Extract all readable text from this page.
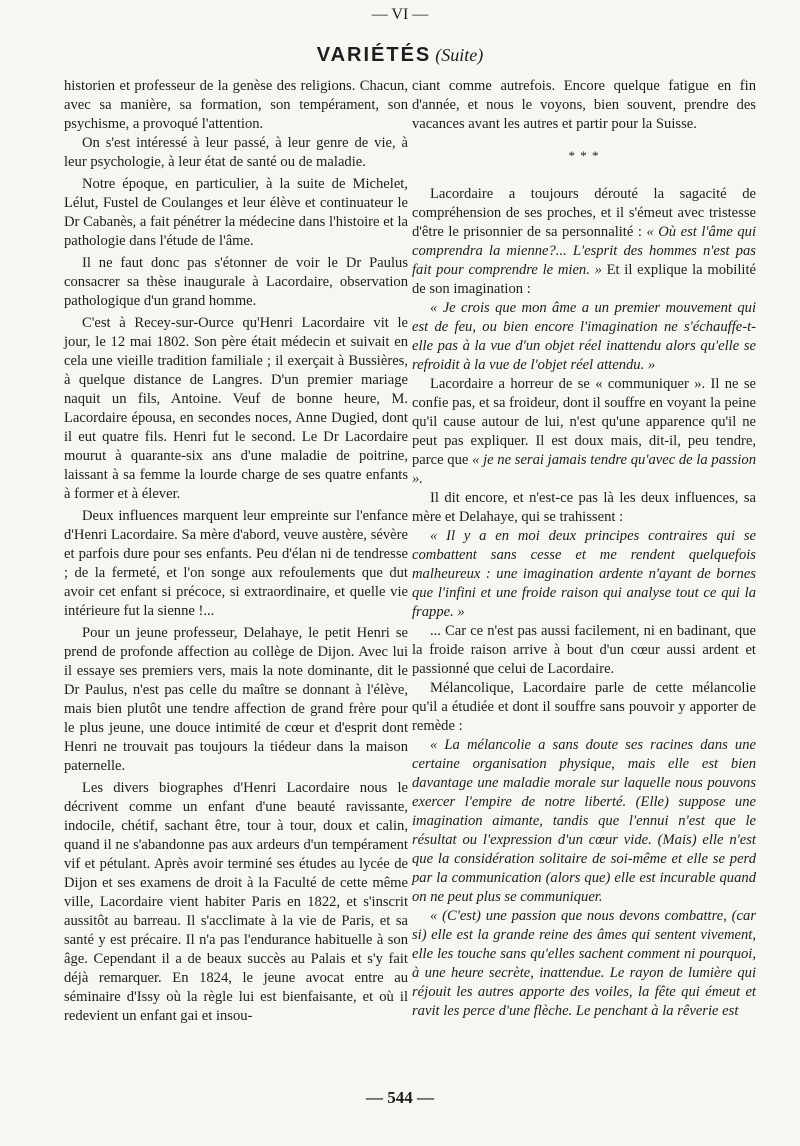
— VI —
VARIÉTÉS (Suite)

historien et professeur de la genèse des religions. Chacun, avec sa manière, sa formation, son tempérament, son psychisme, a provoqué l'attention.

On s'est intéressé à leur passé, à leur genre de vie, à leur psychologie, à leur état de santé ou de maladie.

Notre époque, en particulier, à la suite de Michelet, Lélut, Fustel de Coulanges et leur élève et continuateur le Dr Cabanès, a fait pénétrer la médecine dans l'histoire et la pathologie dans l'étude de l'âme.

Il ne faut donc pas s'étonner de voir le Dr Paulus consacrer sa thèse inaugurale à Lacordaire, observation pathologique d'un grand homme.

C'est à Recey-sur-Ource qu'Henri Lacordaire vit le jour, le 12 mai 1802. Son père était médecin et suivait en cela une vieille tradition familiale ; il exerçait à Bussières, à quelque distance de Langres. D'un premier mariage naquit un fils, Antoine. Veuf de bonne heure, M. Lacordaire épousa, en secondes noces, Anne Dugied, dont il eut quatre fils. Henri fut le second. Le Dr Lacordaire mourut à quarante-six ans d'une maladie de poitrine, laissant à sa femme la lourde charge de ses quatre enfants à former et à élever.

Deux influences marquent leur empreinte sur l'enfance d'Henri Lacordaire. Sa mère d'abord, veuve austère, sévère et parfois dure pour ses enfants. Peu d'élan ni de tendresse ; de la fermeté, et l'on songe aux refoulements que dut avoir cet enfant si précoce, si extraordinaire, et quelle vie intérieure fut la sienne !...

Pour un jeune professeur, Delahaye, le petit Henri se prend de profonde affection au collège de Dijon. Avec lui il essaye ses premiers vers, mais la note dominante, dit le Dr Paulus, n'est pas celle du maître se donnant à l'élève, mais bien plutôt une tendre affection de grand frère pour le plus jeune, une douce intimité de cœur et d'esprit dont Henri ne trouvait pas toujours la tiédeur dans la maison paternelle.

Les divers biographes d'Henri Lacordaire nous le décrivent comme un enfant d'une beauté ravissante, indocile, chétif, sachant être, tour à tour, doux et calin, quand il ne s'abandonne pas aux ardeurs d'un tempérament vif et pétulant. Après avoir terminé ses études au lycée de Dijon et ses examens de droit à la Faculté de cette même ville, Lacordaire vient habiter Paris en 1822, et s'inscrit aussitôt au barreau. Il s'acclimate à la vie de Paris, et sa santé y est précaire. Il n'a pas l'endurance habituelle à son âge. Cependant il a de beaux succès au Palais et s'y fait déjà remarquer. En 1824, le jeune avocat entre au séminaire d'Issy où la règle lui est bienfaisante, et où il redevient un enfant gai et insou-

ciant comme autrefois. Encore quelque fatigue en fin d'année, et nous le voyons, bien souvent, prendre des vacances avant les autres et partir pour la Suisse.

* * *

Lacordaire a toujours dérouté la sagacité de compréhension de ses proches, et il s'émeut avec tristesse d'être le prisonnier de sa personnalité : « Où est l'âme qui comprendra la mienne?... L'esprit des hommes n'est pas fait pour comprendre le mien. » Et il explique la mobilité de son imagination :

« Je crois que mon âme a un premier mouvement qui est de feu, ou bien encore l'imagination ne s'échauffe-t-elle pas à la vue d'un objet réel inattendu alors qu'elle se refroidit à la vue de l'objet réel attendu. »

Lacordaire a horreur de se « communiquer ». Il ne se confie pas, et sa froideur, dont il souffre en voyant la peine qu'il cause autour de lui, n'est qu'une apparence qu'il ne peut pas expliquer. Il est doux mais, dit-il, peu tendre, parce que « je ne serai jamais tendre qu'avec de la passion ».

Il dit encore, et n'est-ce pas là les deux influences, sa mère et Delahaye, qui se trahissent :

« Il y a en moi deux principes contraires qui se combattent sans cesse et me rendent quelquefois malheureux : une imagination ardente n'ayant de bornes que l'infini et une froide raison qui analyse tout ce qui la frappe. »

... Car ce n'est pas aussi facilement, ni en badinant, que la froide raison arrive à bout d'un cœur aussi ardent et passionné que celui de Lacordaire.

Mélancolique, Lacordaire parle de cette mélancolie qu'il a étudiée et dont il souffre sans pouvoir y apporter de remède :

« La mélancolie a sans doute ses racines dans une certaine organisation physique, mais elle est bien davantage une maladie morale sur laquelle nous pouvons exercer l'empire de notre liberté. (Elle) suppose une imagination aimante, tandis que l'ennui n'est que le résultat ou l'expression d'un cœur vide. (Mais) elle n'est que la considération solitaire de soi-même et elle se perd par la communication (alors que) elle est incurable quand on ne peut plus se communiquer.

« (C'est) une passion que nous devons combattre, (car si) elle est la grande reine des âmes qui sentent vivement, elle les touche sans qu'elles sachent comment ni pourquoi, à une heure secrète, inattendue. Le rayon de lumière qui réjouit les autres apporte des voiles, la fête qui émeut et ravit les perce d'une flèche. Le penchant à la rêverie est

— 544 —
